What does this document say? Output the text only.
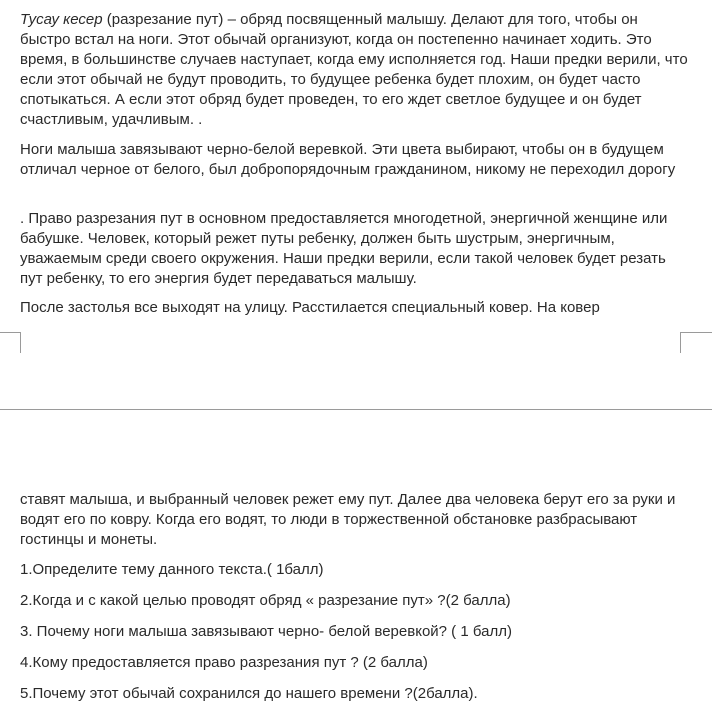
Тусау кесер (разрезание пут) – обряд посвященный малышу. Делают для того, чтобы он быстро встал на ноги. Этот обычай организуют, когда он постепенно начинает ходить. Это время, в большинстве случаев наступает, когда ему исполняется год. Наши предки верили, что если этот обычай не будут проводить, то будущее ребенка будет плохим, он будет часто спотыкаться. А если этот обряд будет проведен, то его ждет светлое будущее и он будет счастливым, удачливым. .

Ноги малыша завязывают черно-белой веревкой. Эти цвета выбирают, чтобы он в будущем отличал черное от белого, был добропорядочным гражданином, никому не переходил дорогу

. Право разрезания пут в основном предоставляется многодетной, энергичной женщине или бабушке. Человек, который режет путы ребенку, должен быть шустрым, энергичным, уважаемым среди своего окружения. Наши предки верили, если такой человек будет резать пут ребенку, то его энергия будет передаваться малышу.

После застолья все выходят на улицу. Расстилается специальный ковер. На ковер

ставят малыша, и выбранный человек режет ему пут. Далее два человека берут его за руки и водят его по ковру. Когда его водят, то люди в торжественной обстановке разбрасывают гостинцы и монеты.

1.Определите тему данного текста.( 1балл)

2.Когда и с какой целью проводят обряд « разрезание пут» ?(2 балла)

3. Почему ноги малыша завязывают черно- белой веревкой? ( 1 балл)

4.Кому предоставляется право разрезания пут ? (2 балла)

5.Почему этот обычай сохранился до нашего времени ?(2балла).
